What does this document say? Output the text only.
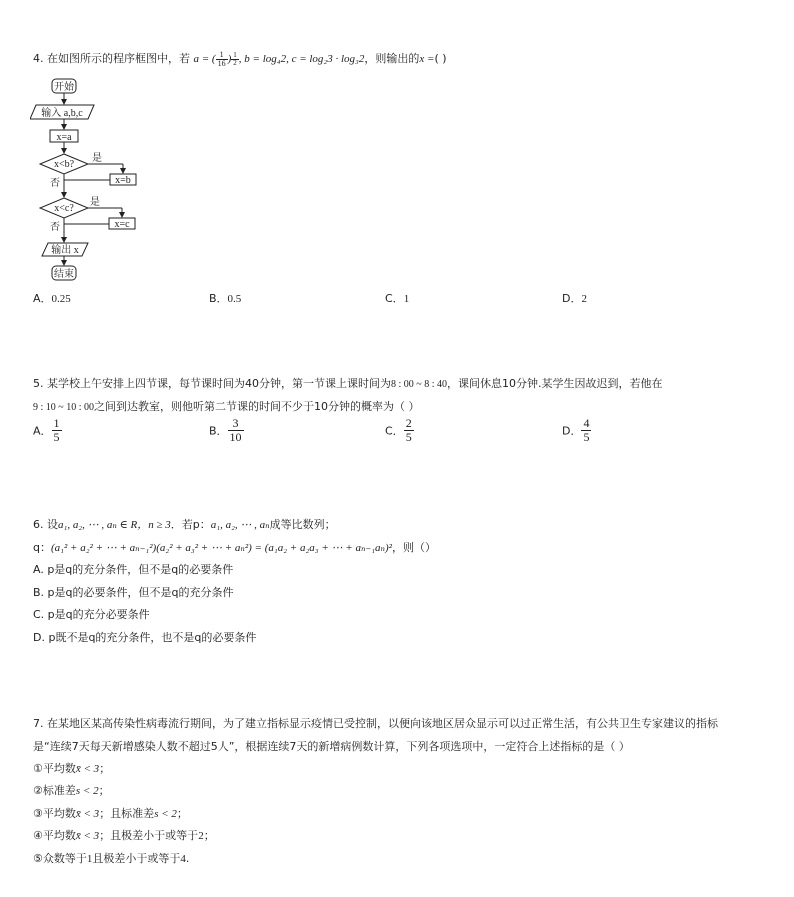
4. 在如图所示的程序框图中，若 a = ( $\frac{1}{16}$ ) $\frac{1}{2}$ , b = log₄2, c = log₂3 · log₃2，则输出的x =( )
开始
输入 a,b,c
x=a
x<b?
是
x=b
否
x<c?
是
x=c
否
输出 x
结束
A．0.25	B．0.5	C．1	D．2
5. 某学校上午安排上四节课，每节课时间为40分钟，第一节课上课时间为8 : 00 ~ 8 : 40，课间休息10分钟.某学生因故迟到，若他在
9 : 10 ~ 10 : 00之间到达教室，则他听第二节课的时间不少于10分钟的概率为（ ）
A． $\frac{1}{5}$	B． $\frac{3}{10}$	C． $\frac{2}{5}$	D． $\frac{4}{5}$
6. 设a₁, a₂, ⋯ , aₙ ∈ R，n ≥ 3．若p：a₁, a₂, ⋯ , aₙ成等比数列；
q：(a₁² + a₂² + ⋯ + aₙ₋₁²)(a₂² + a₃² + ⋯ + aₙ²) = (a₁a₂ + a₂a₃ + ⋯ + aₙ₋₁aₙ)²，则（）
A. p是q的充分条件，但不是q的必要条件
B. p是q的必要条件，但不是q的充分条件
C. p是q的充分必要条件
D. p既不是q的充分条件，也不是q的必要条件
7. 在某地区某高传染性病毒流行期间，为了建立指标显示疫情已受控制，以便向该地区居众显示可以过正常生活，有公共卫生专家建议的指标
是“连续7天每天新增感染人数不超过5人”，根据连续7天的新增病例数计算，下列各项选项中，一定符合上述指标的是（ ）
①平均数x̄ < 3；
②标准差s < 2；
③平均数x̄ < 3；且标准差s < 2；
④平均数x̄ < 3；且极差小于或等于2；
⑤众数等于1且极差小于或等于4.
